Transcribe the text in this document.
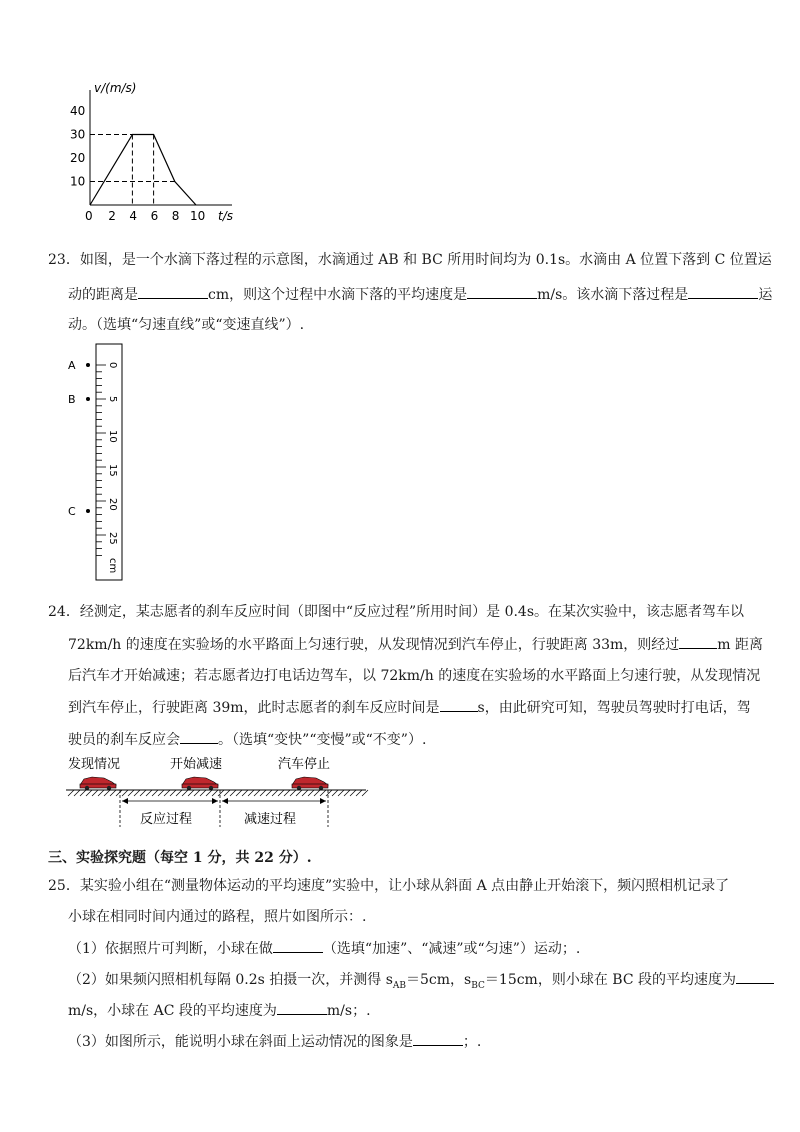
v/(m/s)
t/s
0
10
20
30
40
2 4 6 8 10
23．如图，是一个水滴下落过程的示意图，水滴通过 AB 和 BC 所用时间均为 0.1s。水滴由 A 位置下落到 C 位置运
动的距离是	cm，则这个过程中水滴下落的平均速度是	m/s。该水滴下落过程是	运
动。（选填“匀速直线”或“变速直线”）.
0
5
10
15
20
25
cm
A
B
C
24．经测定，某志愿者的刹车反应时间（即图中“反应过程”所用时间）是 0.4s。在某次实验中，该志愿者驾车以
72km/h 的速度在实验场的水平路面上匀速行驶，从发现情况到汽车停止，行驶距离 33m，则经过	m 距离
后汽车才开始减速；若志愿者边打电话边驾车，以 72km/h 的速度在实验场的水平路面上匀速行驶，从发现情况
到汽车停止，行驶距离 39m，此时志愿者的刹车反应时间是	s，由此研究可知，驾驶员驾驶时打电话，驾
驶员的刹车反应会	。（选填“变快”“变慢”或“不变”）.
发现情况	开始减速	汽车停止
反应过程	减速过程
三、实验探究题（每空 1 分，共 22 分）.
25．某实验小组在“测量物体运动的平均速度”实验中，让小球从斜面 A 点由静止开始滚下，频闪照相机记录了
小球在相同时间内通过的路程，照片如图所示：.
（1）依据照片可判断，小球在做	（选填“加速”、“减速”或“匀速”）运动；.
（2）如果频闪照相机每隔 0.2s 拍摄一次，并测得 $s_{AB}=5cm$，$s_{BC}=15cm$，则小球在 BC 段的平均速度为
m/s，小球在 AC 段的平均速度为	m/s；.
（3）如图所示，能说明小球在斜面上运动情况的图象是	；.
